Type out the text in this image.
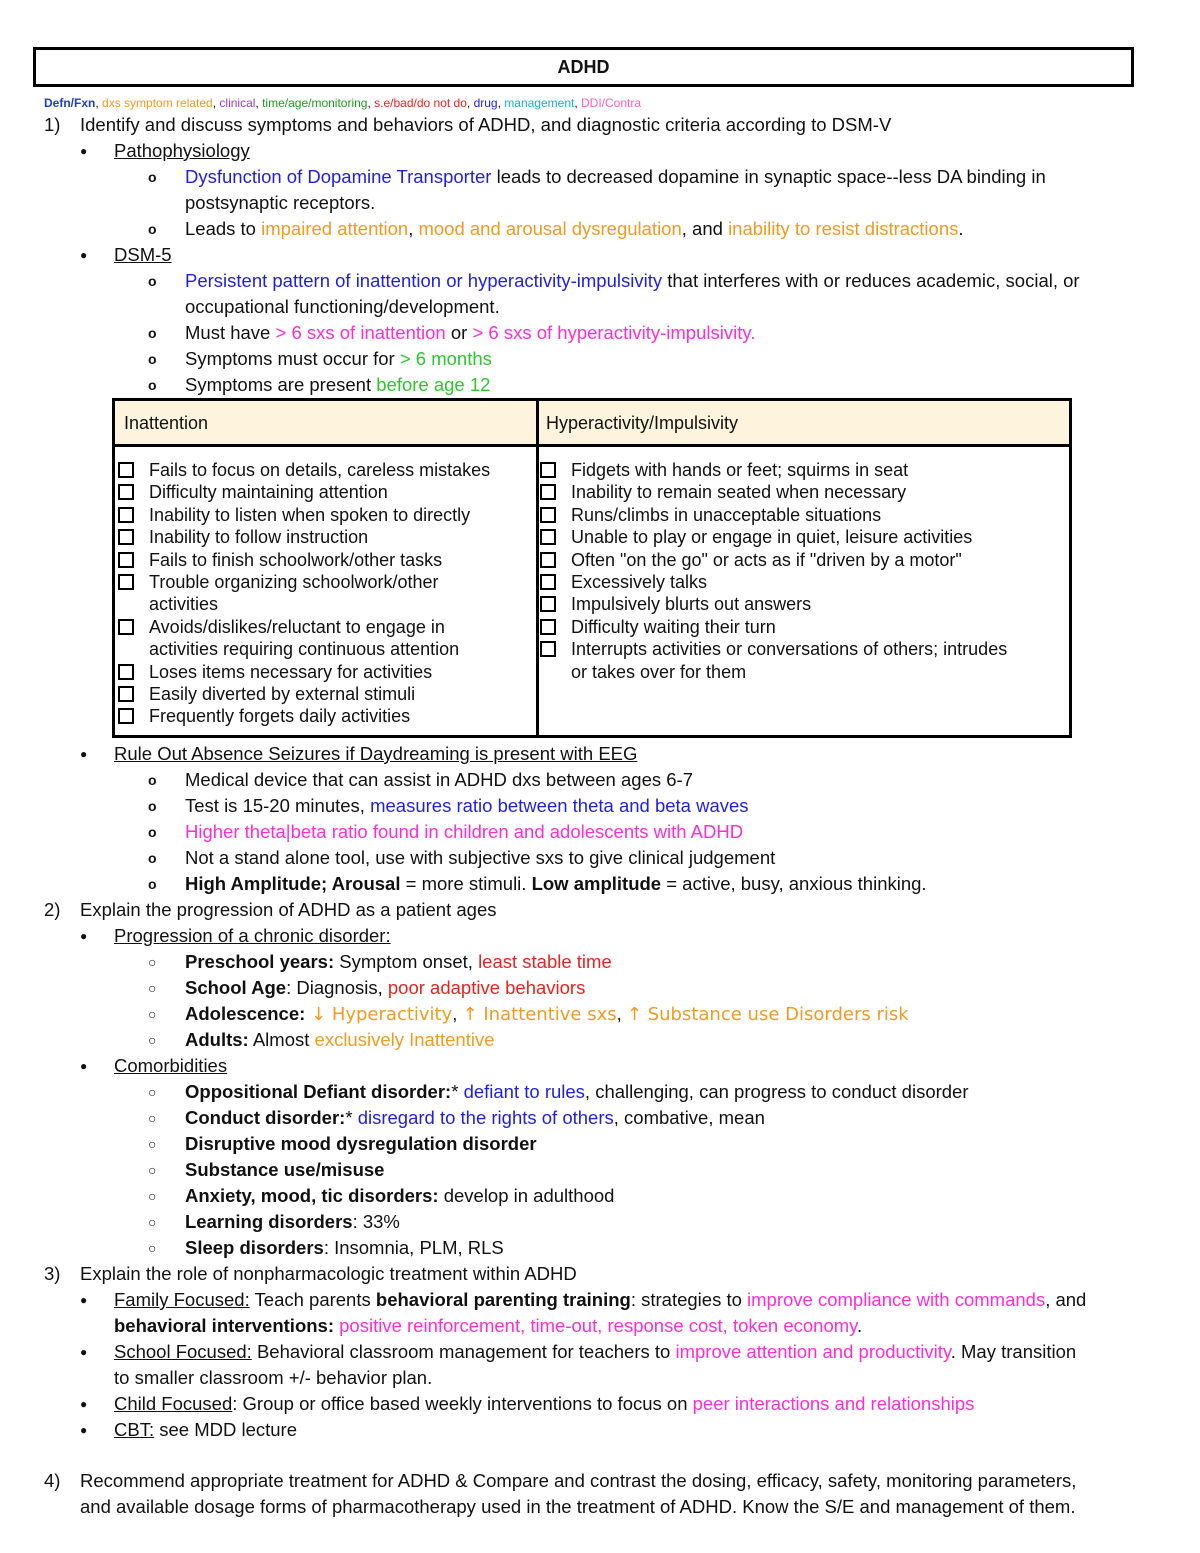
ADHD
Defn/Fxn, dxs symptom related, clinical, time/age/monitoring, s.e/bad/do not do, drug, management, DDI/Contra
1) Identify and discuss symptoms and behaviors of ADHD, and diagnostic criteria according to DSM-V
● Pathophysiology
o Dysfunction of Dopamine Transporter leads to decreased dopamine in synaptic space--less DA binding in
postsynaptic receptors.
o Leads to impaired attention, mood and arousal dysregulation, and inability to resist distractions.
● DSM-5
o Persistent pattern of inattention or hyperactivity-impulsivity that interferes with or reduces academic, social, or
occupational functioning/development.
o Must have > 6 sxs of inattention or > 6 sxs of hyperactivity-impulsivity.
o Symptoms must occur for > 6 months
o Symptoms are present before age 12
Inattention	Hyperactivity/Impulsivity
Fails to focus on details, careless mistakes
Difficulty maintaining attention
Inability to listen when spoken to directly
Inability to follow instruction
Fails to finish schoolwork/other tasks
Trouble organizing schoolwork/other
activities
Avoids/dislikes/reluctant to engage in
activities requiring continuous attention
Loses items necessary for activities
Easily diverted by external stimuli
Frequently forgets daily activities
Fidgets with hands or feet; squirms in seat
Inability to remain seated when necessary
Runs/climbs in unacceptable situations
Unable to play or engage in quiet, leisure activities
Often "on the go" or acts as if "driven by a motor"
Excessively talks
Impulsively blurts out answers
Difficulty waiting their turn
Interrupts activities or conversations of others; intrudes
or takes over for them
● Rule Out Absence Seizures if Daydreaming is present with EEG
o Medical device that can assist in ADHD dxs between ages 6-7
o Test is 15-20 minutes, measures ratio between theta and beta waves
o Higher theta|beta ratio found in children and adolescents with ADHD
o Not a stand alone tool, use with subjective sxs to give clinical judgement
o High Amplitude; Arousal = more stimuli. Low amplitude = active, busy, anxious thinking.
2) Explain the progression of ADHD as a patient ages
● Progression of a chronic disorder:
○ Preschool years: Symptom onset, least stable time
○ School Age: Diagnosis, poor adaptive behaviors
○ Adolescence: ↓ Hyperactivity, ↑ Inattentive sxs, ↑ Substance use Disorders risk
○ Adults: Almost exclusively Inattentive
● Comorbidities
○ Oppositional Defiant disorder:* defiant to rules, challenging, can progress to conduct disorder
○ Conduct disorder:* disregard to the rights of others, combative, mean
○ Disruptive mood dysregulation disorder
○ Substance use/misuse
○ Anxiety, mood, tic disorders: develop in adulthood
○ Learning disorders: 33%
○ Sleep disorders: Insomnia, PLM, RLS
3) Explain the role of nonpharmacologic treatment within ADHD
● Family Focused: Teach parents behavioral parenting training: strategies to improve compliance with commands, and
behavioral interventions: positive reinforcement, time-out, response cost, token economy.
● School Focused: Behavioral classroom management for teachers to improve attention and productivity. May transition
to smaller classroom +/- behavior plan.
● Child Focused: Group or office based weekly interventions to focus on peer interactions and relationships
● CBT: see MDD lecture
4) Recommend appropriate treatment for ADHD & Compare and contrast the dosing, efficacy, safety, monitoring parameters,
and available dosage forms of pharmacotherapy used in the treatment of ADHD. Know the S/E and management of them.
